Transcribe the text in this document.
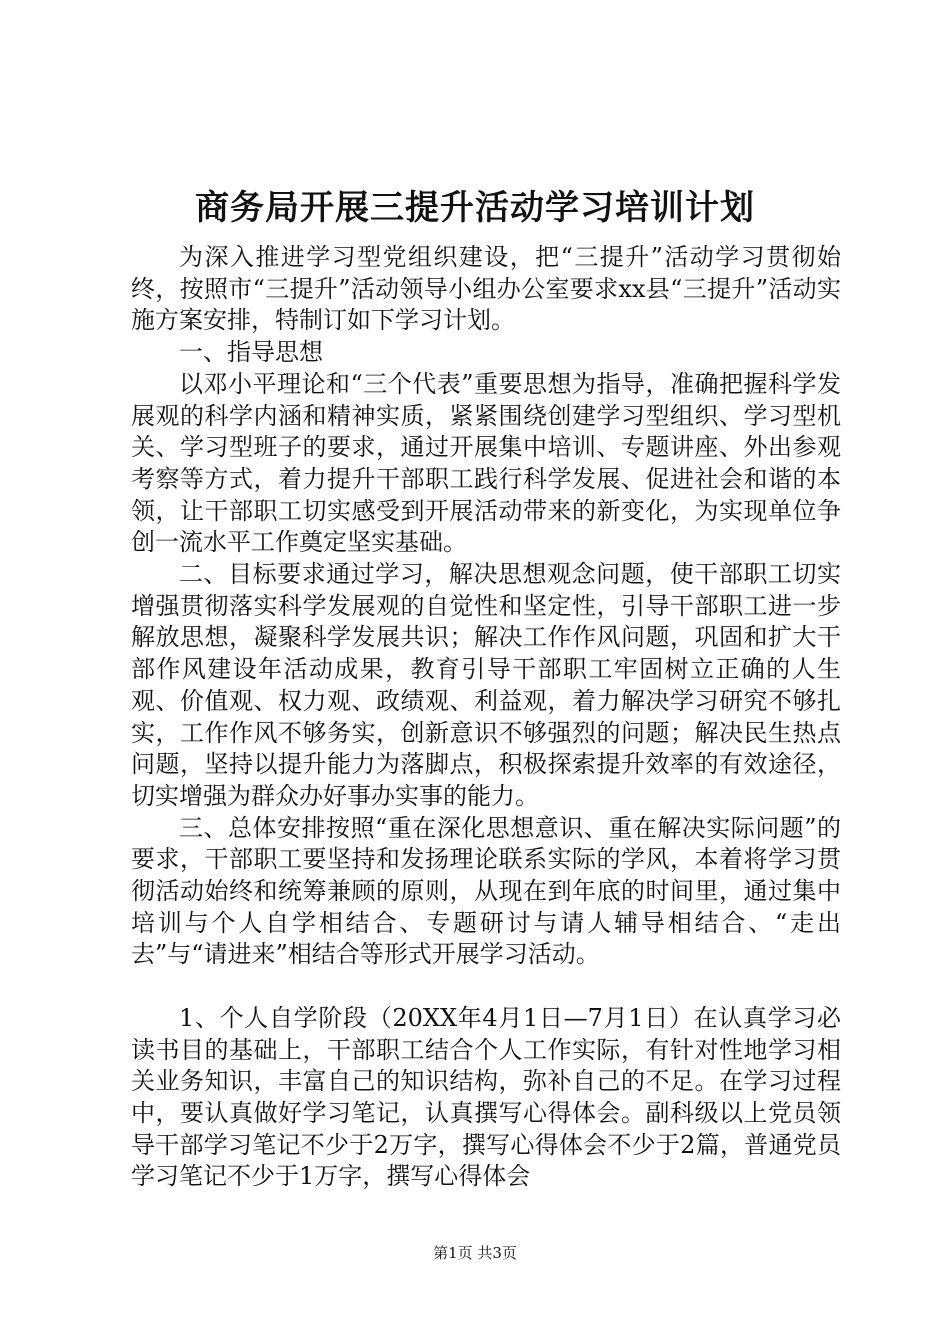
商务局开展三提升活动学习培训计划

为深入推进学习型党组织建设，把“三提升”活动学习贯彻始终，按照市“三提升”活动领导小组办公室要求xx县“三提升”活动实施方案安排，特制订如下学习计划。

一、指导思想

以邓小平理论和“三个代表”重要思想为指导，准确把握科学发展观的科学内涵和精神实质，紧紧围绕创建学习型组织、学习型机关、学习型班子的要求，通过开展集中培训、专题讲座、外出参观考察等方式，着力提升干部职工践行科学发展、促进社会和谐的本领，让干部职工切实感受到开展活动带来的新变化，为实现单位争创一流水平工作奠定坚实基础。

二、目标要求通过学习，解决思想观念问题，使干部职工切实增强贯彻落实科学发展观的自觉性和坚定性，引导干部职工进一步解放思想，凝聚科学发展共识；解决工作作风问题，巩固和扩大干部作风建设年活动成果，教育引导干部职工牢固树立正确的人生观、价值观、权力观、政绩观、利益观，着力解决学习研究不够扎实，工作作风不够务实，创新意识不够强烈的问题；解决民生热点问题，坚持以提升能力为落脚点，积极探索提升效率的有效途径，切实增强为群众办好事办实事的能力。

三、总体安排按照“重在深化思想意识、重在解决实际问题”的要求，干部职工要坚持和发扬理论联系实际的学风，本着将学习贯彻活动始终和统筹兼顾的原则，从现在到年底的时间里，通过集中培训与个人自学相结合、专题研讨与请人辅导相结合、“走出去”与“请进来”相结合等形式开展学习活动。

1、个人自学阶段（20XX年4月1日—7月1日）在认真学习必读书目的基础上，干部职工结合个人工作实际，有针对性地学习相关业务知识，丰富自己的知识结构，弥补自己的不足。在学习过程中，要认真做好学习笔记，认真撰写心得体会。副科级以上党员领导干部学习笔记不少于2万字，撰写心得体会不少于2篇，普通党员学习笔记不少于1万字，撰写心得体会

第1页 共3页
